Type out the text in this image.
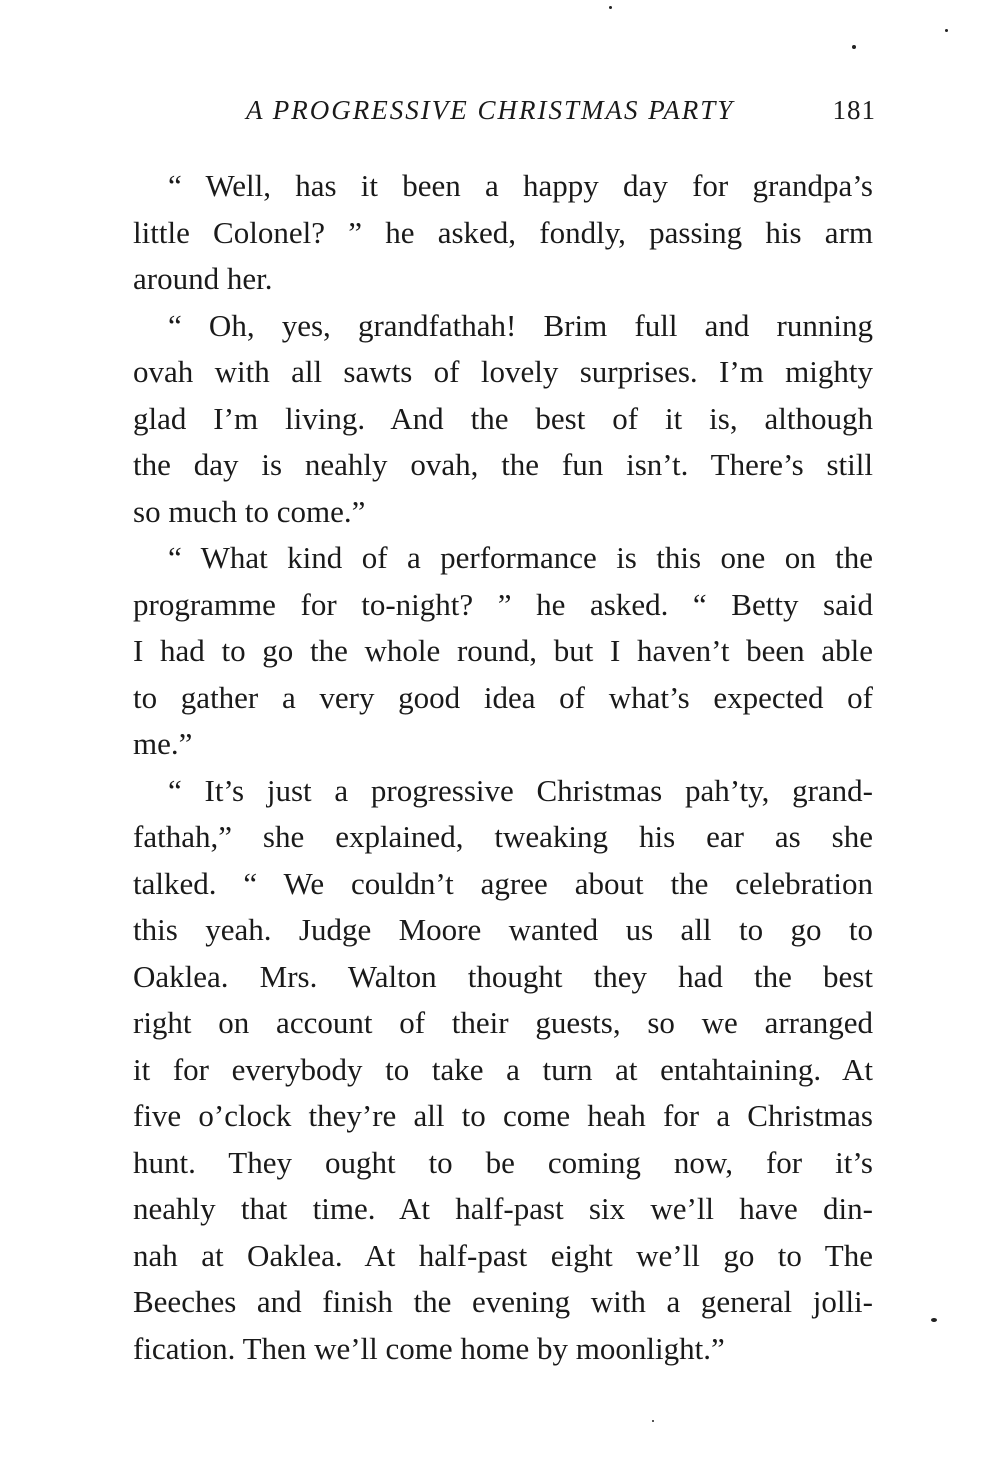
A PROGRESSIVE CHRISTMAS PARTY	181
“ Well, has it been a happy day for grandpa’s
little Colonel? ” he asked, fondly, passing his arm
around her.
“ Oh, yes, grandfathah! Brim full and running
ovah with all sawts of lovely surprises. I’m mighty
glad I’m living. And the best of it is, although
the day is neahly ovah, the fun isn’t. There’s still
so much to come.”
“ What kind of a performance is this one on the
programme for to-night? ” he asked. “ Betty said
I had to go the whole round, but I haven’t been able
to gather a very good idea of what’s expected of
me.”
“ It’s just a progressive Christmas pah’ty, grand-
fathah,” she explained, tweaking his ear as she
talked. “ We couldn’t agree about the celebration
this yeah. Judge Moore wanted us all to go to
Oaklea. Mrs. Walton thought they had the best
right on account of their guests, so we arranged
it for everybody to take a turn at entahtaining. At
five o’clock they’re all to come heah for a Christmas
hunt. They ought to be coming now, for it’s
neahly that time. At half-past six we’ll have din-
nah at Oaklea. At half-past eight we’ll go to The
Beeches and finish the evening with a general jolli-
fication. Then we’ll come home by moonlight.”
